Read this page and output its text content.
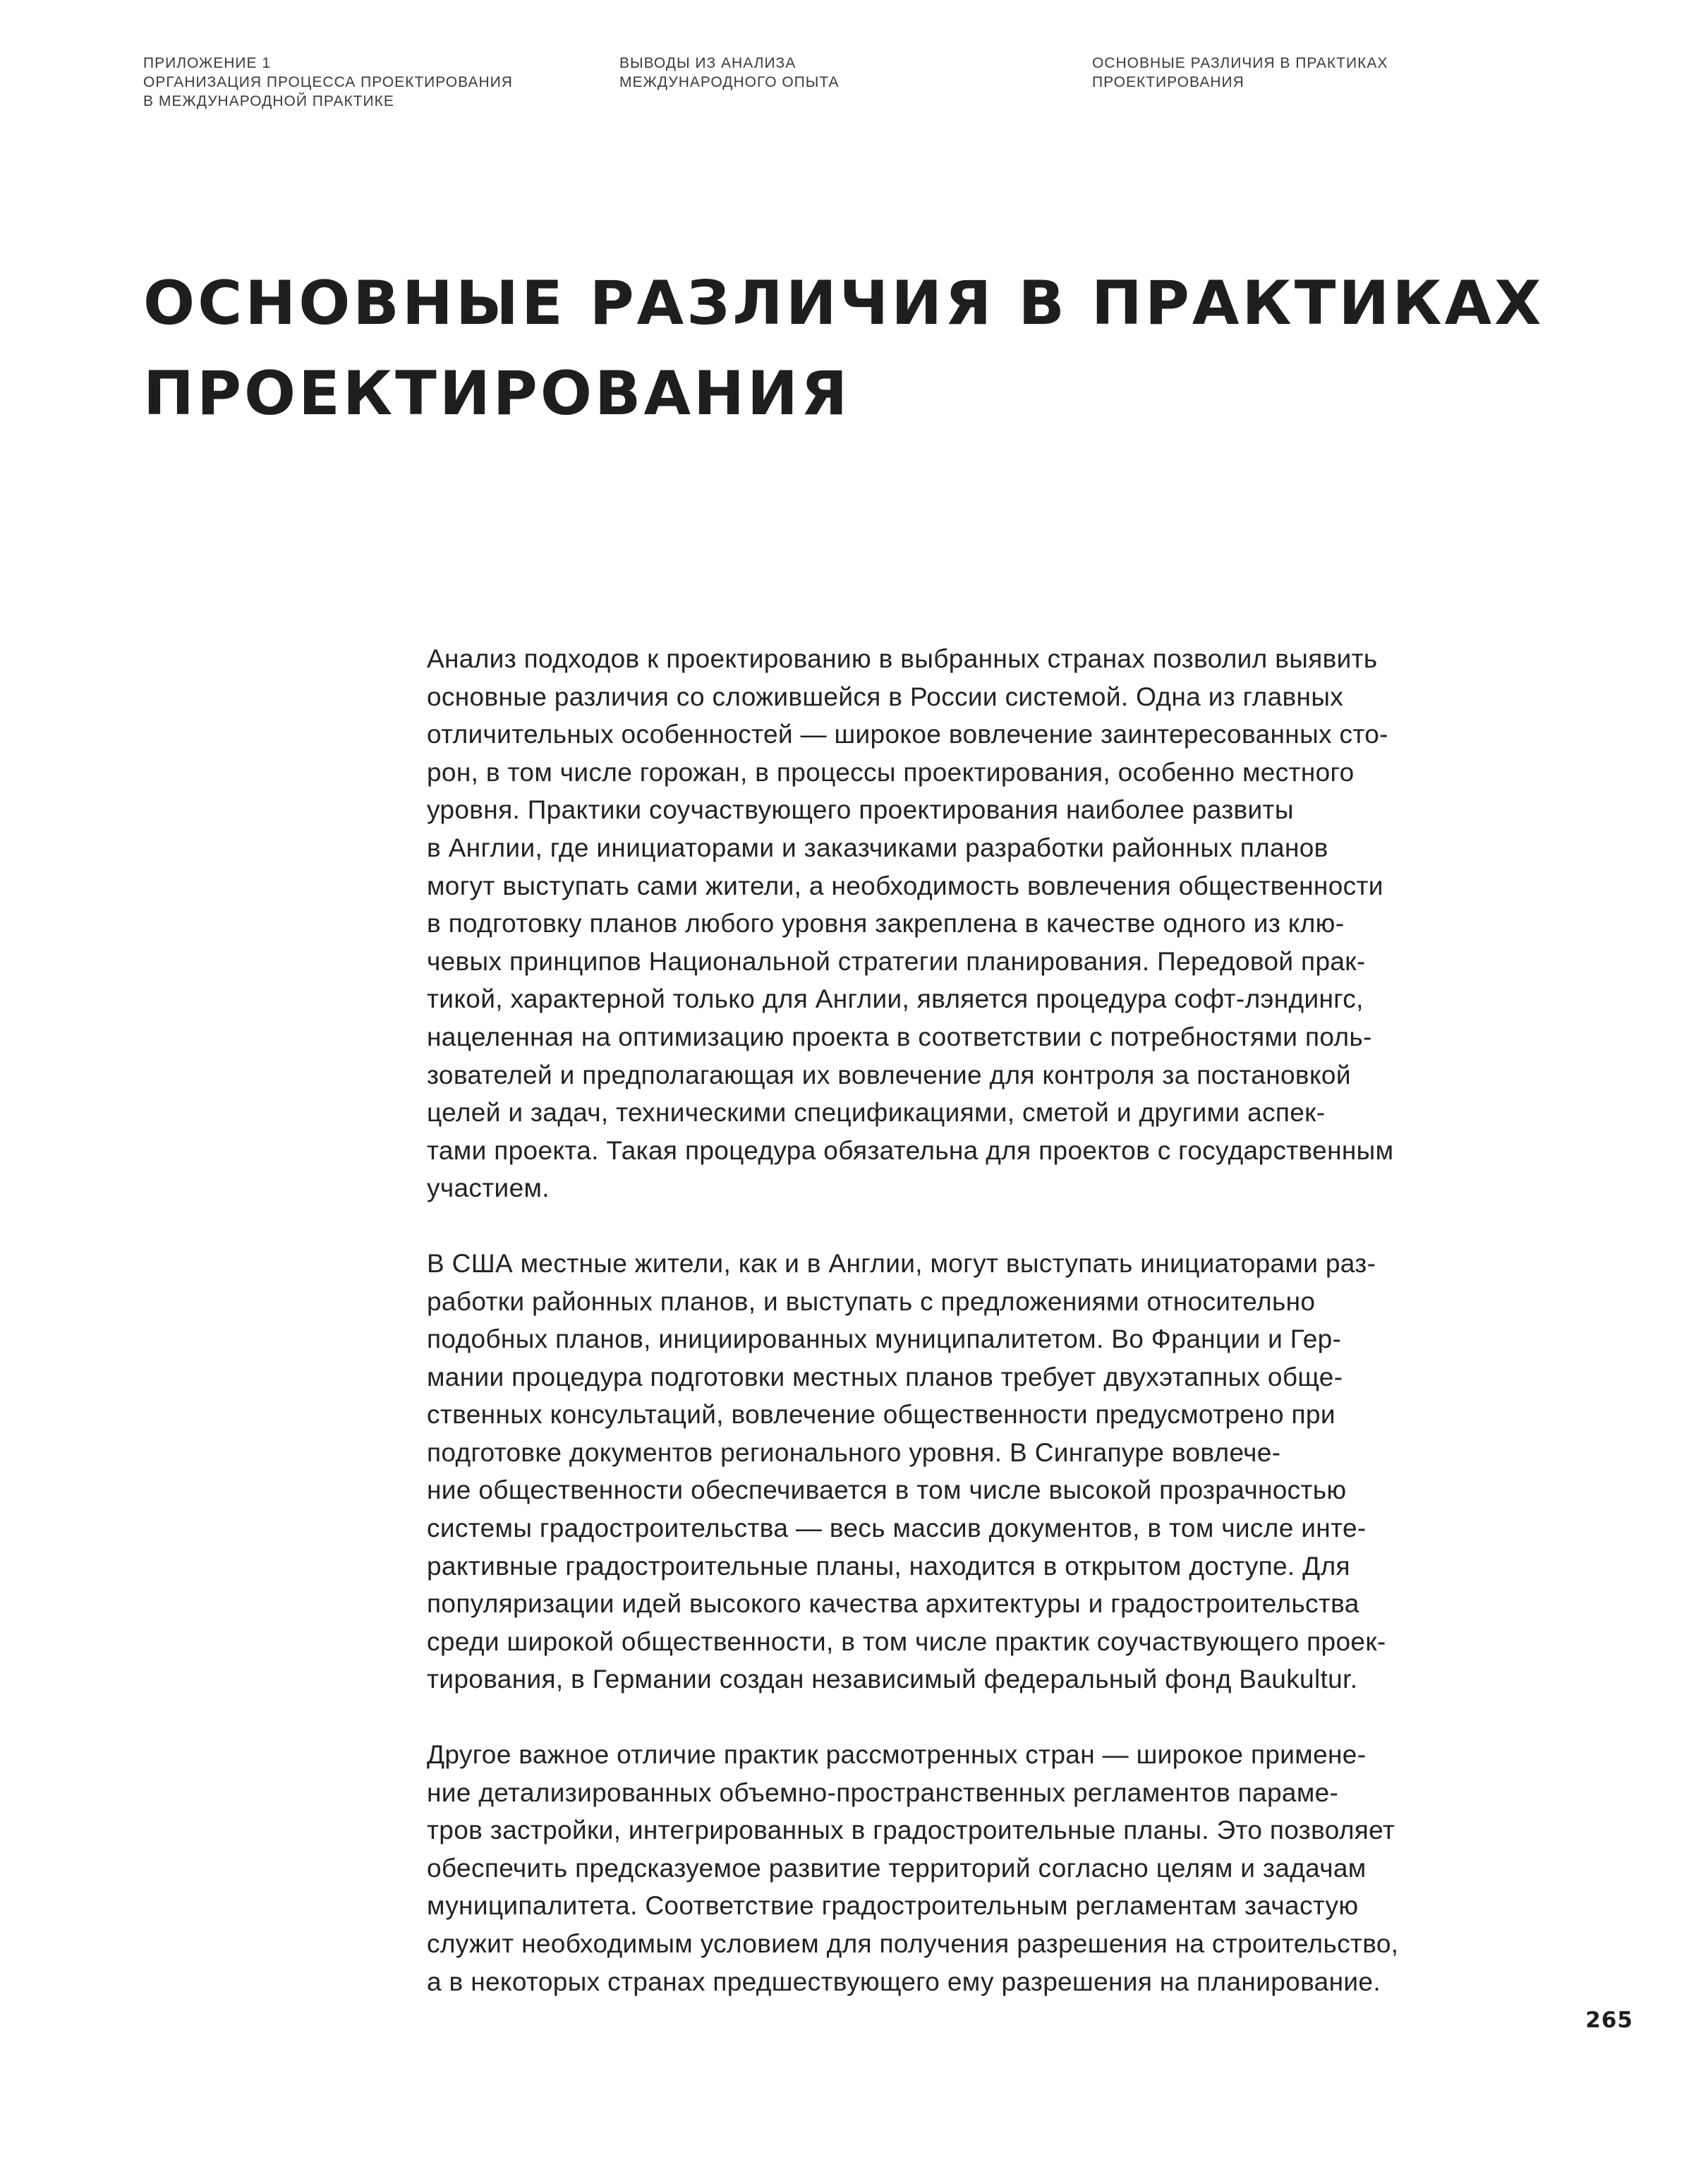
ПРИЛОЖЕНИЕ 1
ОРГАНИЗАЦИЯ ПРОЦЕССА ПРОЕКТИРОВАНИЯ
В МЕЖДУНАРОДНОЙ ПРАКТИКЕ
ВЫВОДЫ ИЗ АНАЛИЗА
МЕЖДУНАРОДНОГО ОПЫТА
ОСНОВНЫЕ РАЗЛИЧИЯ В ПРАКТИКАХ
ПРОЕКТИРОВАНИЯ
ОСНОВНЫЕ РАЗЛИЧИЯ В ПРАКТИКАХ
ПРОЕКТИРОВАНИЯ

Анализ подходов к проектированию в выбранных странах позволил выявить
основные различия со сложившейся в России системой. Одна из главных
отличительных особенностей — широкое вовлечение заинтересованных сто-
рон, в том числе горожан, в процессы проектирования, особенно местного
уровня. Практики соучаствующего проектирования наиболее развиты
в Англии, где инициаторами и заказчиками разработки районных планов
могут выступать сами жители, а необходимость вовлечения общественности
в подготовку планов любого уровня закреплена в качестве одного из клю-
чевых принципов Национальной стратегии планирования. Передовой прак-
тикой, характерной только для Англии, является процедура софт-лэндингс,
нацеленная на оптимизацию проекта в соответствии с потребностями поль-
зователей и предполагающая их вовлечение для контроля за постановкой
целей и задач, техническими спецификациями, сметой и другими аспек-
тами проекта. Такая процедура обязательна для проектов с государственным
участием.

В США местные жители, как и в Англии, могут выступать инициаторами раз-
работки районных планов, и выступать с предложениями относительно
подобных планов, инициированных муниципалитетом. Во Франции и Гер-
мании процедура подготовки местных планов требует двухэтапных обще-
ственных консультаций, вовлечение общественности предусмотрено при
подготовке документов регионального уровня. В Сингапуре вовлече-
ние общественности обеспечивается в том числе высокой прозрачностью
системы градостроительства — весь массив документов, в том числе инте-
рактивные градостроительные планы, находится в открытом доступе. Для
популяризации идей высокого качества архитектуры и градостроительства
среди широкой общественности, в том числе практик соучаствующего проек-
тирования, в Германии создан независимый федеральный фонд Baukultur.

Другое важное отличие практик рассмотренных стран — широкое примене-
ние детализированных объемно-пространственных регламентов параме-
тров застройки, интегрированных в градостроительные планы. Это позволяет
обеспечить предсказуемое развитие территорий согласно целям и задачам
муниципалитета. Соответствие градостроительным регламентам зачастую
служит необходимым условием для получения разрешения на строительство,
а в некоторых странах предшествующего ему разрешения на планирование.

265
